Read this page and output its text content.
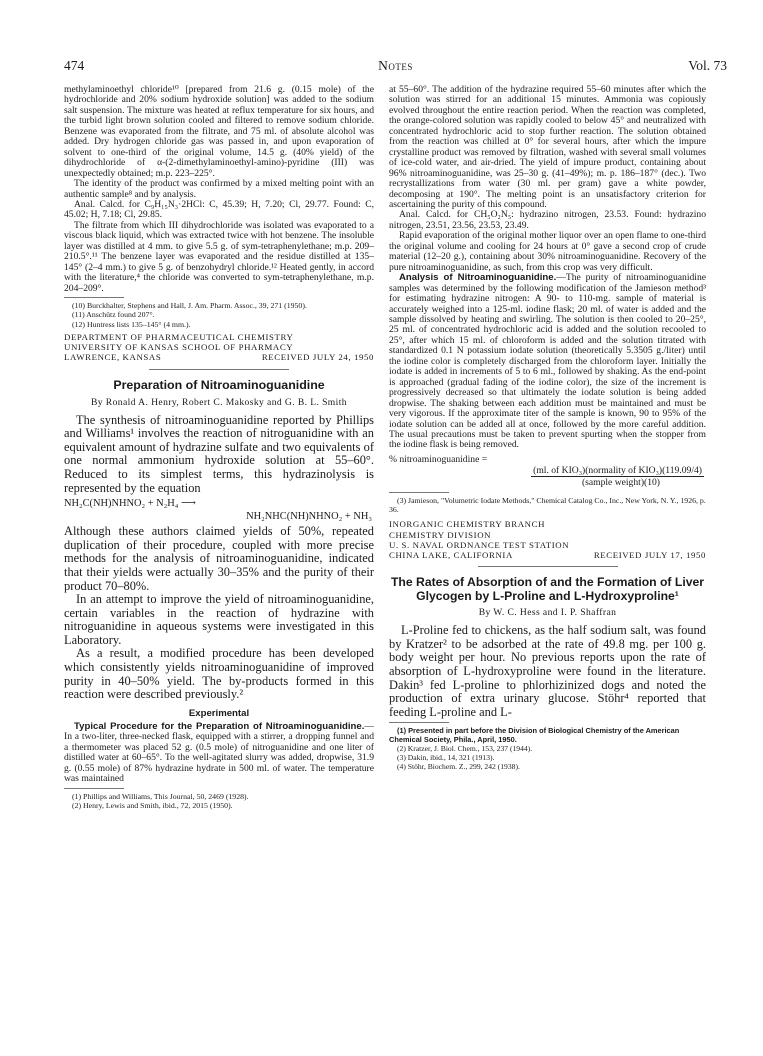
474	Notes	Vol. 73

methylaminoethyl chloride¹⁰ [prepared from 21.6 g. (0.15 mole) of the hydrochloride and 20% sodium hydroxide solution] was added to the sodium salt suspension. The mixture was heated at reflux temperature for six hours, and the turbid light brown solution cooled and filtered to remove sodium chloride. Benzene was evaporated from the filtrate, and 75 ml. of absolute alcohol was added. Dry hydrogen chloride gas was passed in, and upon evaporation of solvent to one-third of the original volume, 14.5 g. (40% yield) of the dihydrochloride of α-(2-dimethylaminoethyl-amino)-pyridine (III) was unexpectedly obtained; m.p. 223–225°.

The identity of the product was confirmed by a mixed melting point with an authentic sample⁸ and by analysis.

Anal. Calcd. for C₉H₁₅N₃·2HCl: C, 45.39; H, 7.20; Cl, 29.77. Found: C, 45.02; H, 7.18; Cl, 29.85.

The filtrate from which III dihydrochloride was isolated was evaporated to a viscous black liquid, which was extracted twice with hot benzene. The insoluble layer was distilled at 4 mm. to give 5.5 g. of sym-tetraphenylethane; m.p. 209–210.5°.¹¹ The benzene layer was evaporated and the residue distilled at 135–145° (2–4 mm.) to give 5 g. of benzohydryl chloride.¹² Heated gently, in accord with the literature,⁴ the chloride was converted to sym-tetraphenylethane, m.p. 204–209°.

(10) Burckhalter, Stephens and Hall, J. Am. Pharm. Assoc., 39, 271 (1950).

(11) Anschütz found 207°.

(12) Huntress lists 135–145° (4 mm.).

DEPARTMENT OF PHARMACEUTICAL CHEMISTRY

UNIVERSITY OF KANSAS SCHOOL OF PHARMACY

LAWRENCE, KANSAS	RECEIVED JULY 24, 1950

Preparation of Nitroaminoguanidine

By Ronald A. Henry, Robert C. Makosky and G. B. L. Smith

The synthesis of nitroaminoguanidine reported by Phillips and Williams¹ involves the reaction of nitroguanidine with an equivalent amount of hydrazine sulfate and two equivalents of one normal ammonium hydroxide solution at 55–60°. Reduced to its simplest terms, this hydrazinolysis is represented by the equation

NH₂C(NH)NHNO₂ + N₂H₄ ⟶

NH₂NHC(NH)NHNO₂ + NH₃

Although these authors claimed yields of 50%, repeated duplication of their procedure, coupled with more precise methods for the analysis of nitroaminoguanidine, indicated that their yields were actually 30–35% and the purity of their product 70–80%.

In an attempt to improve the yield of nitroaminoguanidine, certain variables in the reaction of hydrazine with nitroguanidine in aqueous systems were investigated in this Laboratory.

As a result, a modified procedure has been developed which consistently yields nitroaminoguanidine of improved purity in 40–50% yield. The by-products formed in this reaction were described previously.²

Experimental

Typical Procedure for the Preparation of Nitroaminoguanidine.—In a two-liter, three-necked flask, equipped with a stirrer, a dropping funnel and a thermometer was placed 52 g. (0.5 mole) of nitroguanidine and one liter of distilled water at 60–65°. To the well-agitated slurry was added, dropwise, 31.9 g. (0.55 mole) of 87% hydrazine hydrate in 500 ml. of water. The temperature was maintained

(1) Phillips and Williams, This Journal, 50, 2469 (1928).

(2) Henry, Lewis and Smith, ibid., 72, 2015 (1950).

at 55–60°. The addition of the hydrazine required 55–60 minutes after which the solution was stirred for an additional 15 minutes. Ammonia was copiously evolved throughout the entire reaction period. When the reaction was completed, the orange-colored solution was rapidly cooled to below 45° and neutralized with concentrated hydrochloric acid to stop further reaction. The solution obtained from the reaction was chilled at 0° for several hours, after which the impure crystalline product was removed by filtration, washed with several small volumes of ice-cold water, and air-dried. The yield of impure product, containing about 96% nitroaminoguanidine, was 25–30 g. (41–49%); m. p. 186–187° (dec.). Two recrystallizations from water (30 ml. per gram) gave a white powder, decomposing at 190°. The melting point is an unsatisfactory criterion for ascertaining the purity of this compound.

Anal. Calcd. for CH₅O₂N₅: hydrazino nitrogen, 23.53. Found: hydrazino nitrogen, 23.51, 23.56, 23.53, 23.49.

Rapid evaporation of the original mother liquor over an open flame to one-third the original volume and cooling for 24 hours at 0° gave a second crop of crude material (12–20 g.), containing about 30% nitroaminoguanidine. Recovery of the pure nitroaminoguanidine, as such, from this crop was very difficult.

Analysis of Nitroaminoguanidine.—The purity of nitroaminoguanidine samples was determined by the following modification of the Jamieson method³ for estimating hydrazine nitrogen: A 90- to 110-mg. sample of material is accurately weighed into a 125-ml. iodine flask; 20 ml. of water is added and the sample dissolved by heating and swirling. The solution is then cooled to 20–25°, 25 ml. of concentrated hydrochloric acid is added and the solution recooled to 25°, after which 15 ml. of chloroform is added and the solution titrated with standardized 0.1 N potassium iodate solution (theoretically 5.3505 g./liter) until the iodine color is completely discharged from the chloroform layer. Initially the iodate is added in increments of 5 to 6 ml., followed by shaking. As the end-point is approached (gradual fading of the iodine color), the size of the increment is progressively decreased so that ultimately the iodate solution is being added dropwise. The shaking between each addition must be maintained and must be very vigorous. If the approximate titer of the sample is known, 90 to 95% of the iodate solution can be added all at once, followed by the more careful addition. The usual precautions must be taken to prevent spurting when the stopper from the iodine flask is being removed.

% nitroaminoguanidine =

(ml. of KIO₃)(normality of KIO₃)(119.09/4)
(sample weight)(10)

(3) Jamieson, "Volumetric Iodate Methods," Chemical Catalog Co., Inc., New York, N. Y., 1926, p. 36.

INORGANIC CHEMISTRY BRANCH

CHEMISTRY DIVISION

U. S. NAVAL ORDNANCE TEST STATION

CHINA LAKE, CALIFORNIA	RECEIVED JULY 17, 1950

The Rates of Absorption of and the Formation of Liver Glycogen by L-Proline and L-Hydroxyproline¹

By W. C. Hess and I. P. Shaffran

L-Proline fed to chickens, as the half sodium salt, was found by Kratzer² to be adsorbed at the rate of 49.8 mg. per 100 g. body weight per hour. No previous reports upon the rate of absorption of L-hydroxyproline were found in the literature. Dakin³ fed L-proline to phlorhizinized dogs and noted the production of extra urinary glucose. Stöhr⁴ reported that feeding L-proline and L-

(1) Presented in part before the Division of Biological Chemistry of the American Chemical Society, Phila., April, 1950.

(2) Kratzer, J. Biol. Chem., 153, 237 (1944).

(3) Dakin, ibid., 14, 321 (1913).

(4) Stöhr, Biochem. Z., 299, 242 (1938).
